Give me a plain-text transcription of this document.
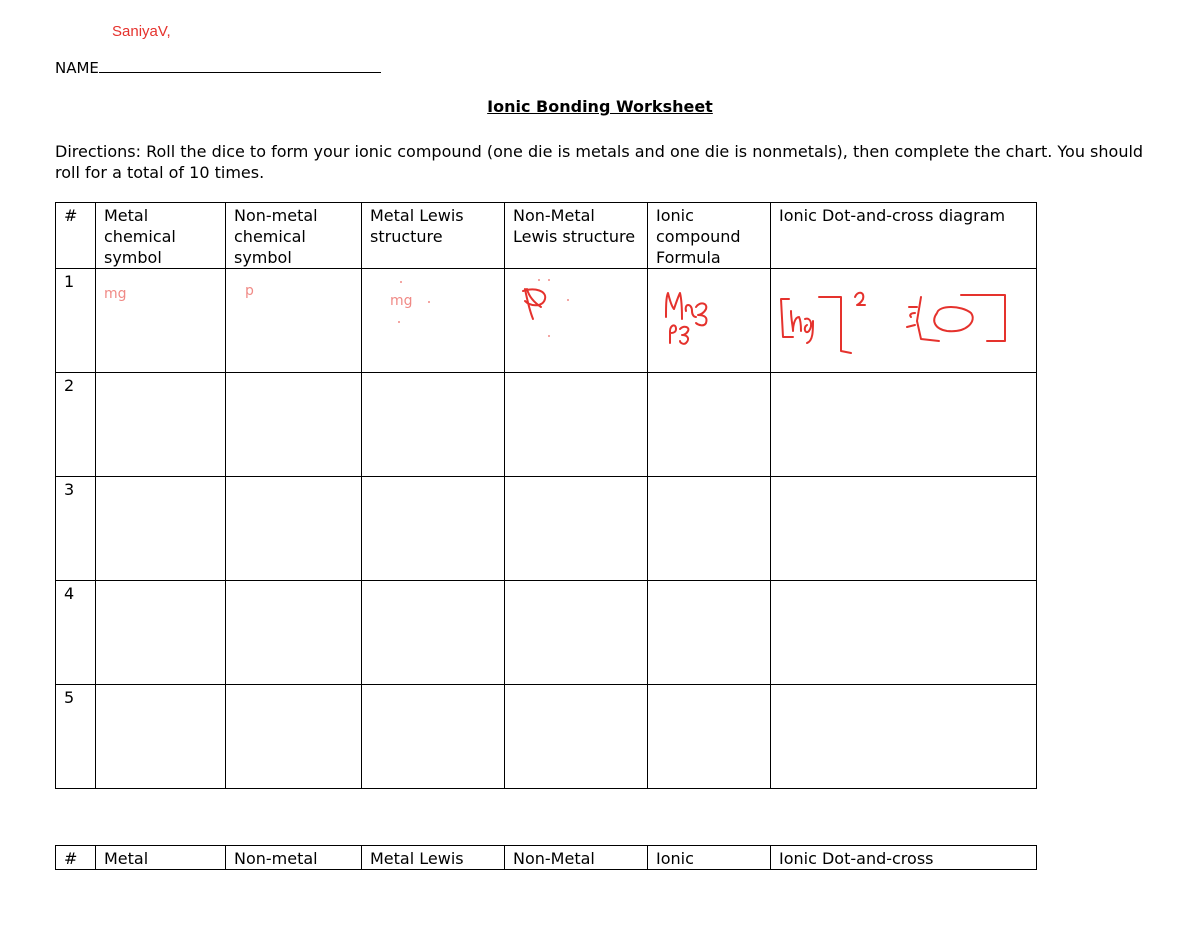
SaniyaV,
NAME
Ionic Bonding Worksheet
Directions: Roll the dice to form your ionic compound (one die is metals and one die is nonmetals), then complete the chart. You should roll for a total of 10 times.
#	Metal chemical symbol	Non-metal chemical symbol	Metal Lewis structure	Non-Metal Lewis structure	Ionic compound Formula	Ionic Dot-and-cross diagram
1	mg	p	mg

2						
3						
4						
5						
#	Metal	Non-metal	Metal Lewis	Non-Metal	Ionic	Ionic Dot-and-cross
